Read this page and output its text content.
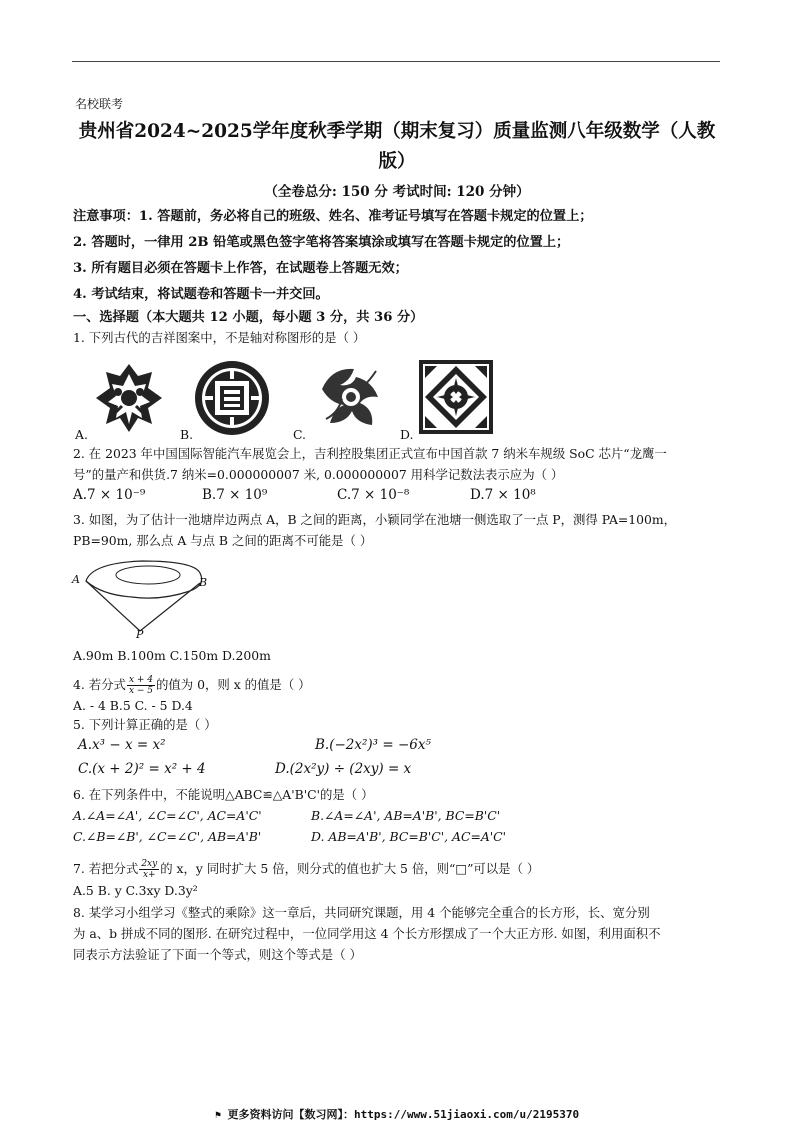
名校联考
贵州省2024~2025学年度秋季学期（期末复习）质量监测八年级数学（人教版）
（全卷总分: 150 分 考试时间: 120 分钟）
注意事项：1. 答题前，务必将自己的班级、姓名、准考证号填写在答题卡规定的位置上；
2. 答题时，一律用 2B 铅笔或黑色签字笔将答案填涂或填写在答题卡规定的位置上；
3. 所有题目必须在答题卡上作答，在试题卷上答题无效；
4. 考试结束，将试题卷和答题卡一并交回。
一、选择题（本大题共 12 小题，每小题 3 分，共 36 分）
1. 下列古代的吉祥图案中，不是轴对称图形的是（ ）
A.	B.	C.	D.
2. 在 2023 年中国国际智能汽车展览会上，吉利控股集团正式宣布中国首款 7 纳米车规级 SoC 芯片“龙鹰一
号”的量产和供货.7 纳米=0.000000007 米, 0.000000007 用科学记数法表示应为（ ）
A.7 × 10⁻⁹	B.7 × 10⁹	C.7 × 10⁻⁸	D.7 × 10⁸
3. 如图，为了估计一池塘岸边两点 A，B 之间的距离，小颖同学在池塘一侧选取了一点 P，测得 PA=100m，
PB=90m, 那么点 A 与点 B 之间的距离不可能是（ ）
A	B
P
A.90m B.100m C.150m D.200m
4. 若分式 $\frac{x + 4}{x - 5}$ 的值为 0，则 x 的值是（ ）
A. - 4 B.5 C. - 5 D.4
5. 下列计算正确的是（ ）
A.x³ − x = x²	B.(−2x²)³ = −6x⁵
C.(x + 2)² = x² + 4	D.(2x²y) ÷ (2xy) = x
6. 在下列条件中，不能说明△ABC≌△A'B'C'的是（ ）
A.∠A=∠A', ∠C=∠C', AC=A'C'	B.∠A=∠A', AB=A'B', BC=B'C'
C.∠B=∠B', ∠C=∠C', AB=A'B'	D. AB=A'B', BC=B'C', AC=A'C'
7. 若把分式 $\frac{2xy}{x+}$ 的 x，y 同时扩大 5 倍，则分式的值也扩大 5 倍，则“□”可以是（ ）
A.5 B. y C.3xy D.3y²
8. 某学习小组学习《整式的乘除》这一章后，共同研究课题，用 4 个能够完全重合的长方形，长、宽分别
为 a、b 拼成不同的图形. 在研究过程中，一位同学用这 4 个长方形摆成了一个大正方形. 如图，利用面积不
同表示方法验证了下面一个等式，则这个等式是（ ）
⚑ 更多资料访问【数习网】：https://www.51jiaoxi.com/u/2195370
